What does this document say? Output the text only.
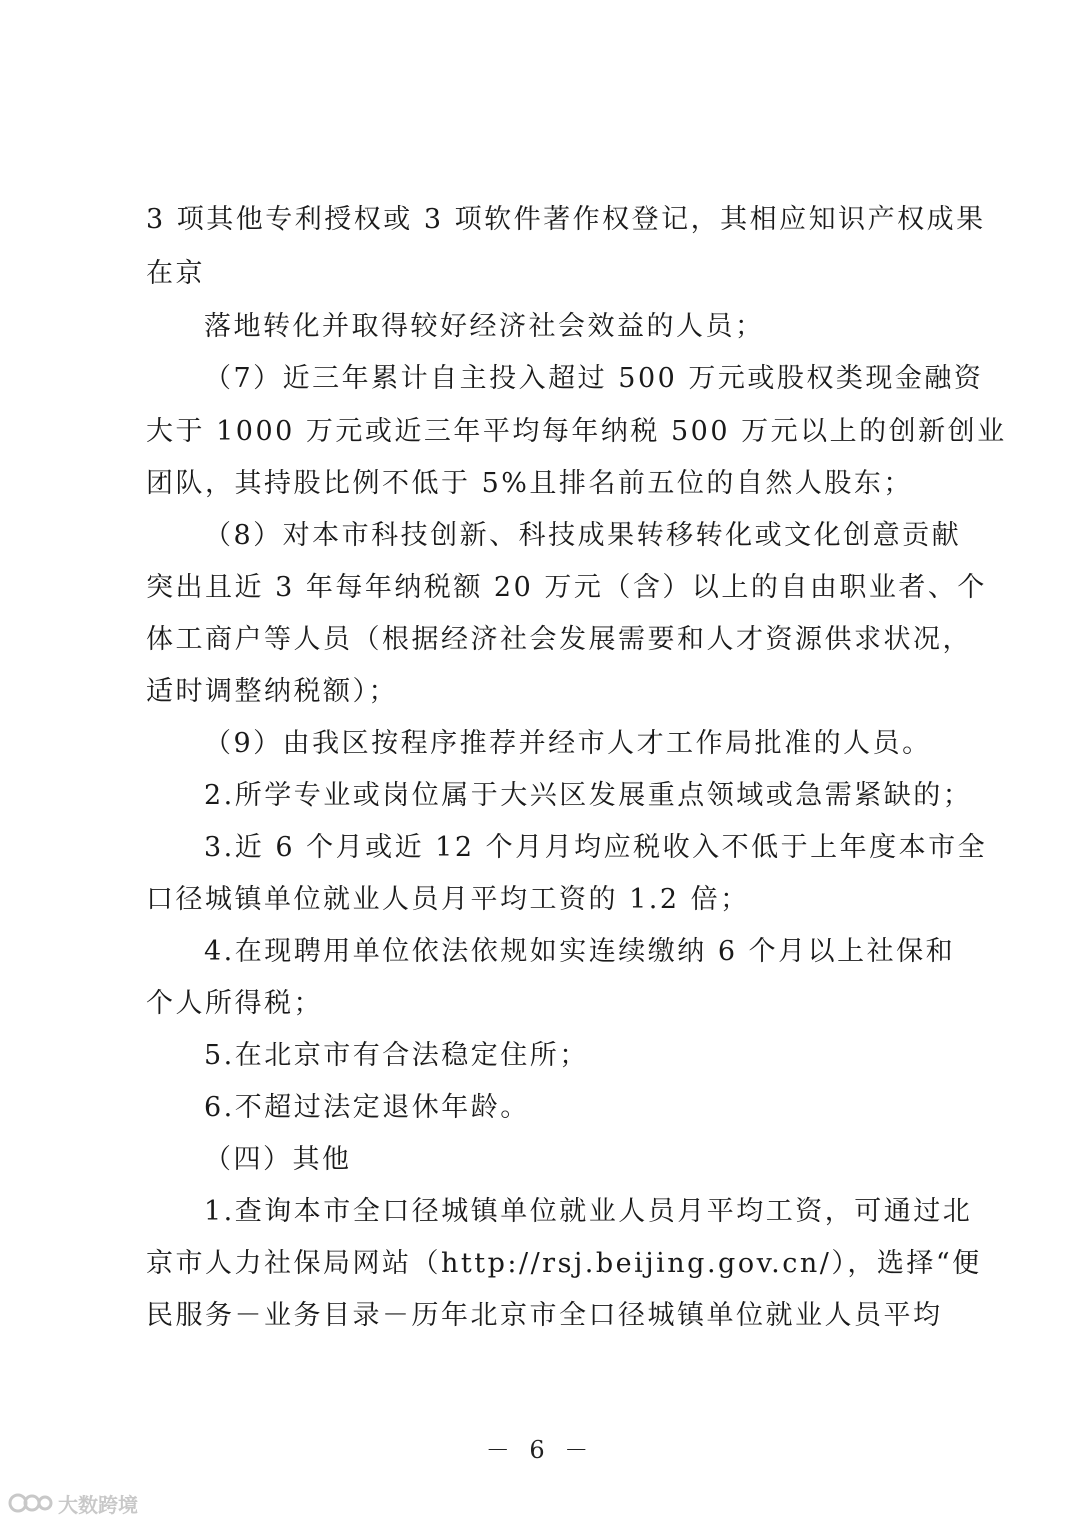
3 项其他专利授权或 3 项软件著作权登记，其相应知识产权成果
在京
落地转化并取得较好经济社会效益的人员；
（7）近三年累计自主投入超过 500 万元或股权类现金融资
大于 1000 万元或近三年平均每年纳税 500 万元以上的创新创业
团队，其持股比例不低于 5%且排名前五位的自然人股东；
（8）对本市科技创新、科技成果转移转化或文化创意贡献
突出且近 3 年每年纳税额 20 万元（含）以上的自由职业者、个
体工商户等人员（根据经济社会发展需要和人才资源供求状况，
适时调整纳税额）；
（9）由我区按程序推荐并经市人才工作局批准的人员。
2.所学专业或岗位属于大兴区发展重点领域或急需紧缺的；
3.近 6 个月或近 12 个月月均应税收入不低于上年度本市全
口径城镇单位就业人员月平均工资的 1.2 倍；
4.在现聘用单位依法依规如实连续缴纳 6 个月以上社保和
个人所得税；
5.在北京市有合法稳定住所；
6.不超过法定退休年龄。
（四）其他
1.查询本市全口径城镇单位就业人员月平均工资，可通过北
京市人力社保局网站（http://rsj.beijing.gov.cn/），选择“便
民服务－业务目录－历年北京市全口径城镇单位就业人员平均
－ 6 －
大数跨境
